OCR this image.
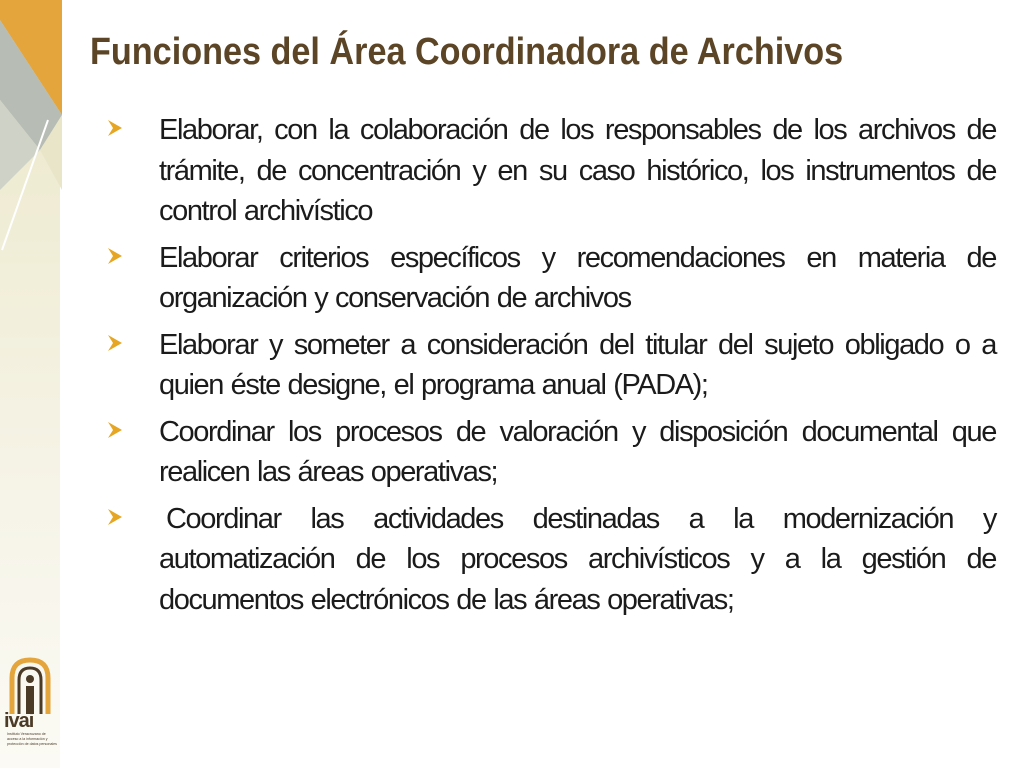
Funciones del Área Coordinadora de Archivos
Elaborar, con la colaboración de los responsables de los archivos de trámite, de concentración y en su caso histórico, los instrumentos de control archivístico
Elaborar criterios específicos y recomendaciones en materia de organización y conservación de archivos
Elaborar y someter a consideración del titular del sujeto obligado o a quien éste designe, el programa anual (PADA);
Coordinar los procesos de valoración y disposición documental que realicen las áreas operativas;
Coordinar las actividades destinadas a la modernización y automatización de los procesos archivísticos y a la gestión de documentos electrónicos de las áreas operativas;
ivai
Instituto Veracruzano de acceso a la información y protección de datos personales
